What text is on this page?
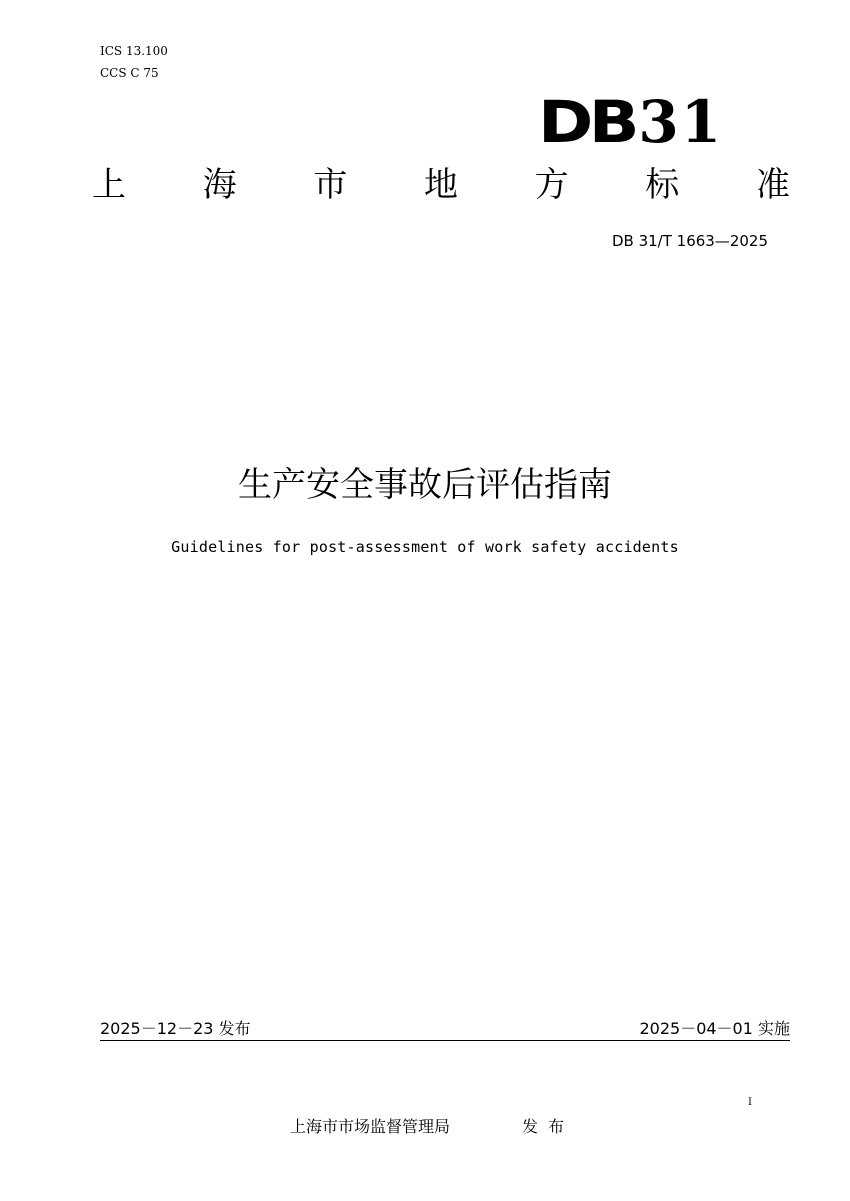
ICS 13.100
CCS C 75
DB 31
上 海 市 地 方 标 准
DB 31/T 1663—2025
生产安全事故后评估指南
Guidelines for post-assessment of work safety accidents
2025－12－23 发布	2025－04－01 实施
I
上海市市场监督管理局	发布
